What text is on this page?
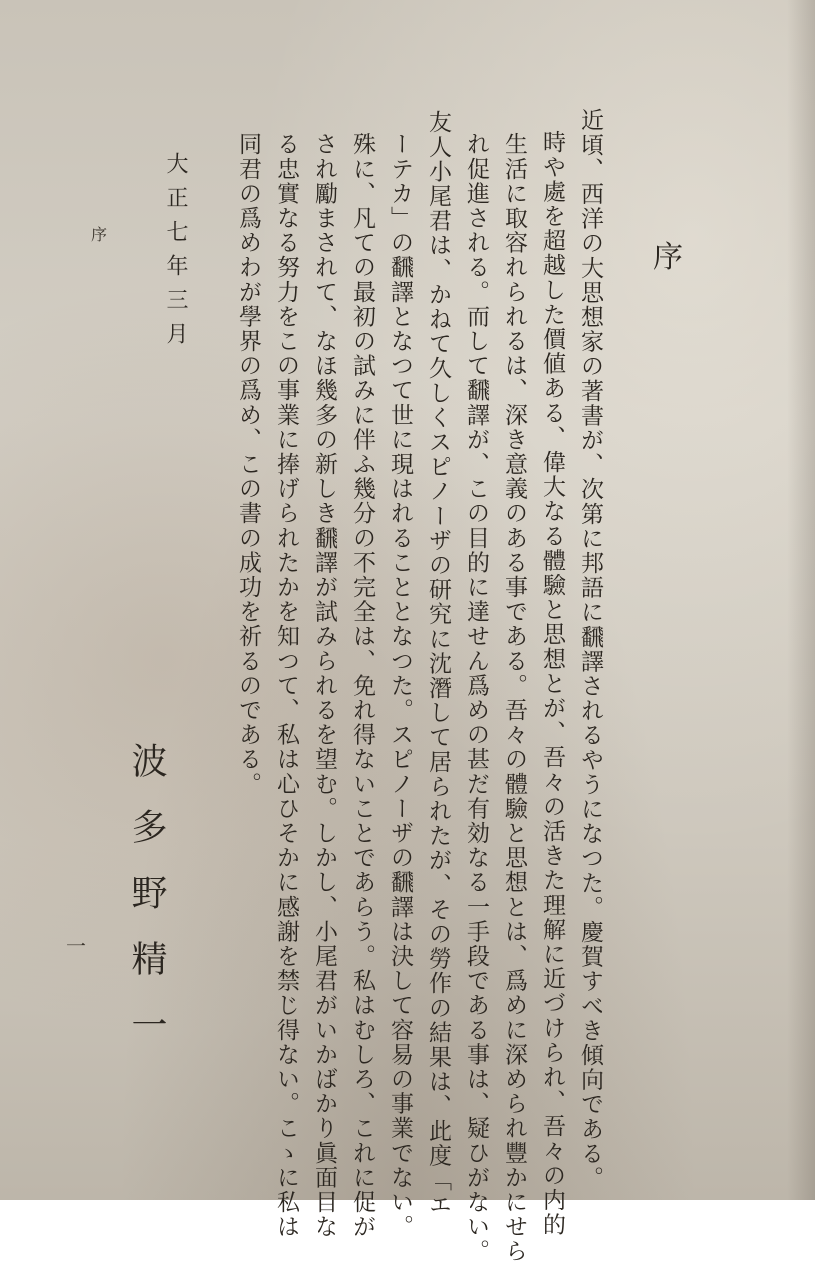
序
近頃、西洋の大思想家の著書が、次第に邦語に飜譯されるやうになつた。慶賀すべき傾向である。
時や處を超越した價値ある、偉大なる體驗と思想とが、吾々の活きた理解に近づけられ、吾々の内的
生活に取容れられるは、深き意義のある事である。吾々の體驗と思想とは、爲めに深められ豐かにせら
れ促進される。而して飜譯が、この目的に達せん爲めの甚だ有効なる一手段である事は、疑ひがない。
友人小尾君は、かねて久しくスピノーザの研究に沈潛して居られたが、その勞作の結果は、此度「エ
ーテカ」の飜譯となつて世に現はれることとなつた。スピノーザの飜譯は決して容易の事業でない。
殊に、凡ての最初の試みに伴ふ幾分の不完全は、免れ得ないことであらう。私はむしろ、これに促が
され勵まされて、なほ幾多の新しき飜譯が試みられるを望む。しかし、小尾君がいかばかり眞面目な
る忠實なる努力をこの事業に捧げられたかを知つて、私は心ひそかに感謝を禁じ得ない。こゝに私は
同君の爲めわが學界の爲め、この書の成功を祈るのである。
波多野精一
大正七年三月
序
一
